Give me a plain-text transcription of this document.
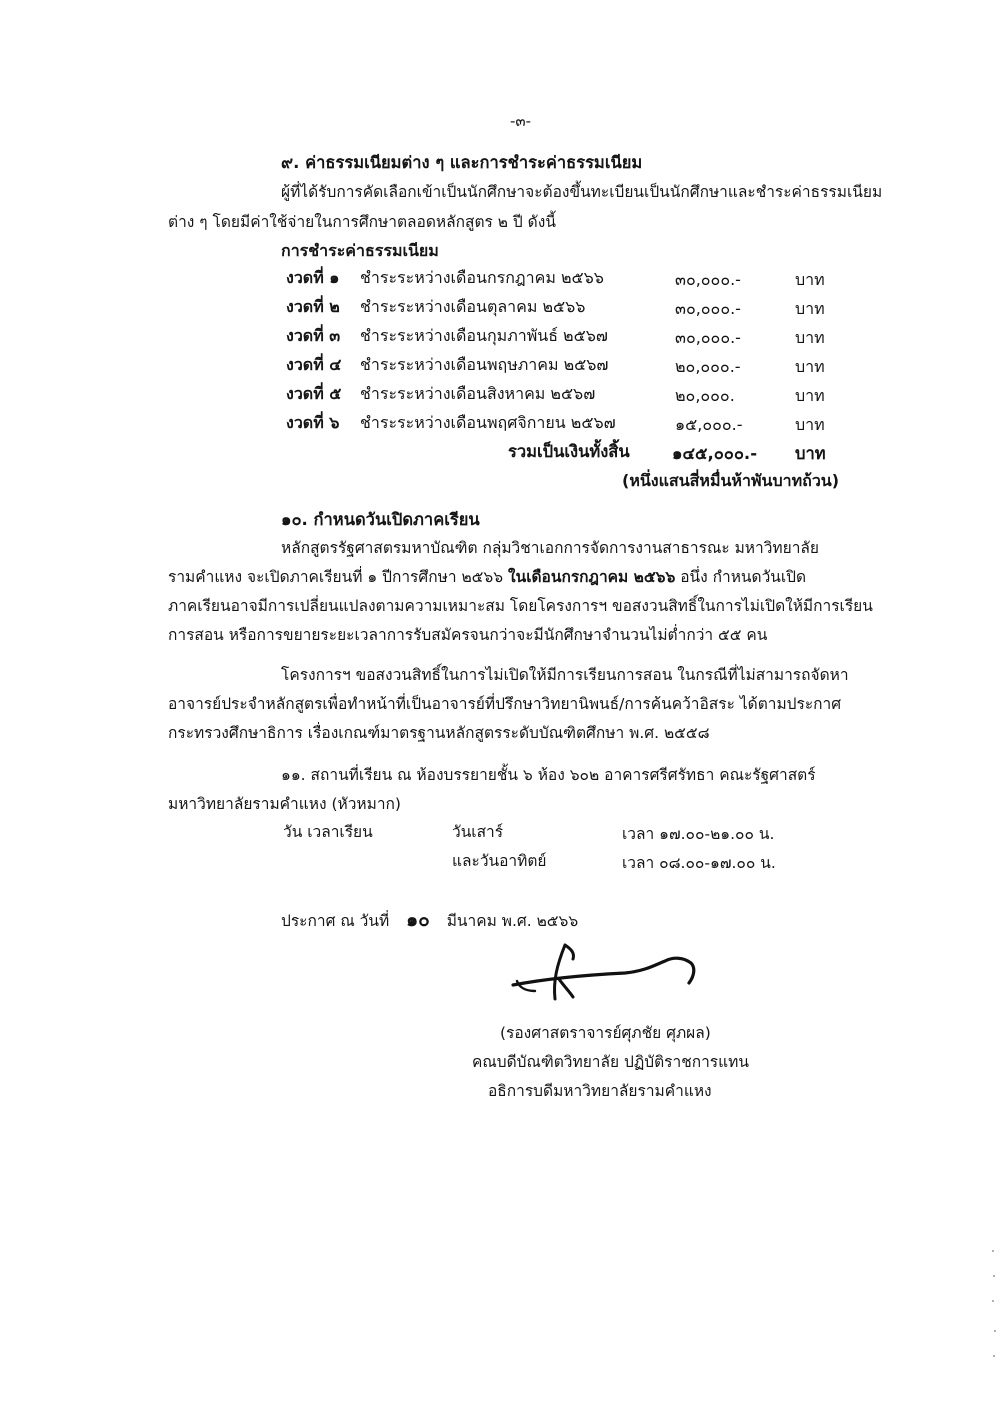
-๓-
๙. ค่าธรรมเนียมต่าง ๆ และการชำระค่าธรรมเนียม
ผู้ที่ได้รับการคัดเลือกเข้าเป็นนักศึกษาจะต้องขึ้นทะเบียนเป็นนักศึกษาและชำระค่าธรรมเนียม
ต่าง ๆ โดยมีค่าใช้จ่ายในการศึกษาตลอดหลักสูตร ๒ ปี ดังนี้
การชำระค่าธรรมเนียม
งวดที่ ๑ ชำระระหว่างเดือนกรกฎาคม ๒๕๖๖	๓๐,๐๐๐.-	บาท
งวดที่ ๒ ชำระระหว่างเดือนตุลาคม ๒๕๖๖	๓๐,๐๐๐.-	บาท
งวดที่ ๓ ชำระระหว่างเดือนกุมภาพันธ์ ๒๕๖๗	๓๐,๐๐๐.-	บาท
งวดที่ ๔ ชำระระหว่างเดือนพฤษภาคม ๒๕๖๗	๒๐,๐๐๐.-	บาท
งวดที่ ๕ ชำระระหว่างเดือนสิงหาคม ๒๕๖๗	๒๐,๐๐๐.	บาท
งวดที่ ๖ ชำระระหว่างเดือนพฤศจิกายน ๒๕๖๗	๑๕,๐๐๐.-	บาท
รวมเป็นเงินทั้งสิ้น	๑๔๕,๐๐๐.- บาท
(หนึ่งแสนสี่หมื่นห้าพันบาทถ้วน)
๑๐. กำหนดวันเปิดภาคเรียน
หลักสูตรรัฐศาสตรมหาบัณฑิต กลุ่มวิชาเอกการจัดการงานสาธารณะ มหาวิทยาลัย
รามคำแหง จะเปิดภาคเรียนที่ ๑ ปีการศึกษา ๒๕๖๖ ในเดือนกรกฎาคม ๒๕๖๖ อนึ่ง กำหนดวันเปิด
ภาคเรียนอาจมีการเปลี่ยนแปลงตามความเหมาะสม โดยโครงการฯ ขอสงวนสิทธิ์ในการไม่เปิดให้มีการเรียน
การสอน หรือการขยายระยะเวลาการรับสมัครจนกว่าจะมีนักศึกษาจำนวนไม่ต่ำกว่า ๕๕ คน
โครงการฯ ขอสงวนสิทธิ์ในการไม่เปิดให้มีการเรียนการสอน ในกรณีที่ไม่สามารถจัดหา
อาจารย์ประจำหลักสูตรเพื่อทำหน้าที่เป็นอาจารย์ที่ปรึกษาวิทยานิพนธ์/การค้นคว้าอิสระ ได้ตามประกาศ
กระทรวงศึกษาธิการ เรื่องเกณฑ์มาตรฐานหลักสูตรระดับบัณฑิตศึกษา พ.ศ. ๒๕๕๘
๑๑. สถานที่เรียน ณ ห้องบรรยายชั้น ๖ ห้อง ๖๐๒ อาคารศรีศรัทธา คณะรัฐศาสตร์
มหาวิทยาลัยรามคำแหง (หัวหมาก)
วัน เวลาเรียน	วันเสาร์	เวลา ๑๗.๐๐-๒๑.๐๐ น.
และวันอาทิตย์	เวลา ๐๘.๐๐-๑๗.๐๐ น.
ประกาศ ณ วันที่ ๑๐ มีนาคม พ.ศ. ๒๕๖๖
(รองศาสตราจารย์ศุภชัย ศุภผล)
คณบดีบัณฑิตวิทยาลัย ปฏิบัติราชการแทน
อธิการบดีมหาวิทยาลัยรามคำแหง
